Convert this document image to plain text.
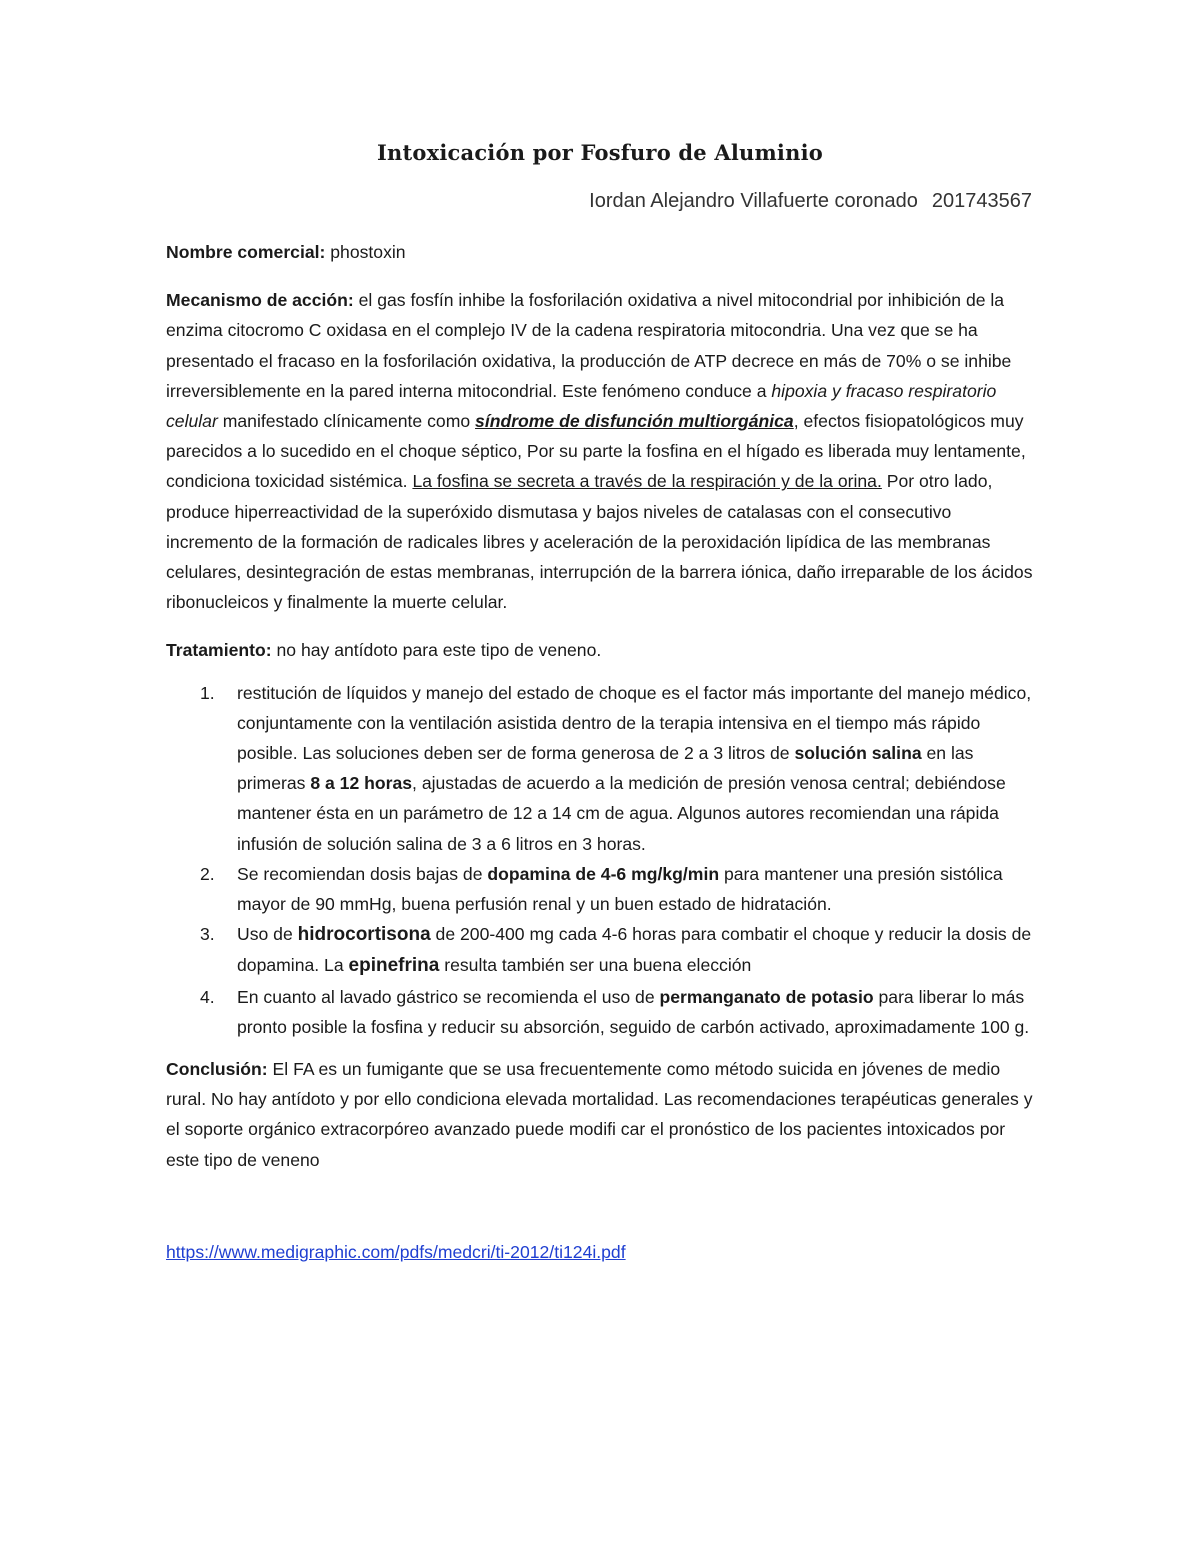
Intoxicación por Fosfuro de Aluminio
Iordan Alejandro Villafuerte coronado 201743567

Nombre comercial: phostoxin

Mecanismo de acción: el gas fosfín inhibe la fosforilación oxidativa a nivel mitocondrial por inhibición de la enzima citocromo C oxidasa en el complejo IV de la cadena respiratoria mitocondria. Una vez que se ha presentado el fracaso en la fosforilación oxidativa, la producción de ATP decrece en más de 70% o se inhibe irreversiblemente en la pared interna mitocondrial. Este fenómeno conduce a hipoxia y fracaso respiratorio celular manifestado clínicamente como síndrome de disfunción multiorgánica, efectos fisiopatológicos muy parecidos a lo sucedido en el choque séptico, Por su parte la fosfina en el hígado es liberada muy lentamente, condiciona toxicidad sistémica. La fosfina se secreta a través de la respiración y de la orina. Por otro lado, produce hiperreactividad de la superóxido dismutasa y bajos niveles de catalasas con el consecutivo incremento de la formación de radicales libres y aceleración de la peroxidación lipídica de las membranas celulares, desintegración de estas membranas, interrupción de la barrera iónica, daño irreparable de los ácidos ribonucleicos y finalmente la muerte celular.

Tratamiento: no hay antídoto para este tipo de veneno.

1. restitución de líquidos y manejo del estado de choque es el factor más importante del manejo médico, conjuntamente con la ventilación asistida dentro de la terapia intensiva en el tiempo más rápido posible. Las soluciones deben ser de forma generosa de 2 a 3 litros de solución salina en las primeras 8 a 12 horas, ajustadas de acuerdo a la medición de presión venosa central; debiéndose mantener ésta en un parámetro de 12 a 14 cm de agua. Algunos autores recomiendan una rápida infusión de solución salina de 3 a 6 litros en 3 horas.
2. Se recomiendan dosis bajas de dopamina de 4-6 mg/kg/min para mantener una presión sistólica mayor de 90 mmHg, buena perfusión renal y un buen estado de hidratación.
3. Uso de hidrocortisona de 200-400 mg cada 4-6 horas para combatir el choque y reducir la dosis de dopamina. La epinefrina resulta también ser una buena elección
4. En cuanto al lavado gástrico se recomienda el uso de permanganato de potasio para liberar lo más pronto posible la fosfina y reducir su absorción, seguido de carbón activado, aproximadamente 100 g.

Conclusión: El FA es un fumigante que se usa frecuentemente como método suicida en jóvenes de medio rural. No hay antídoto y por ello condiciona elevada mortalidad. Las recomendaciones terapéuticas generales y el soporte orgánico extracorpóreo avanzado puede modifi car el pronóstico de los pacientes intoxicados por este tipo de veneno

https://www.medigraphic.com/pdfs/medcri/ti-2012/ti124i.pdf
